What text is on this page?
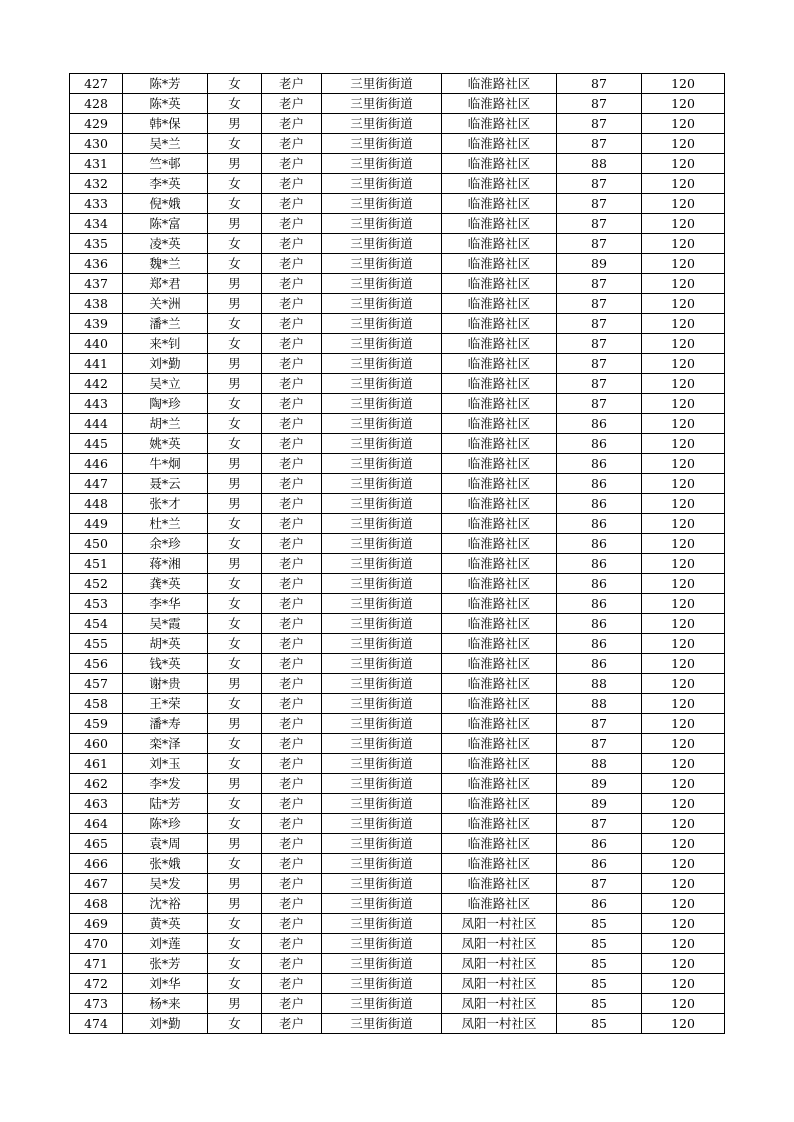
427	陈*芳	女	老户	三里街街道	临淮路社区	87	120
428	陈*英	女	老户	三里街街道	临淮路社区	87	120
429	韩*保	男	老户	三里街街道	临淮路社区	87	120
430	吴*兰	女	老户	三里街街道	临淮路社区	87	120
431	竺*邨	男	老户	三里街街道	临淮路社区	88	120
432	李*英	女	老户	三里街街道	临淮路社区	87	120
433	倪*娥	女	老户	三里街街道	临淮路社区	87	120
434	陈*富	男	老户	三里街街道	临淮路社区	87	120
435	凌*英	女	老户	三里街街道	临淮路社区	87	120
436	魏*兰	女	老户	三里街街道	临淮路社区	89	120
437	郑*君	男	老户	三里街街道	临淮路社区	87	120
438	关*洲	男	老户	三里街街道	临淮路社区	87	120
439	潘*兰	女	老户	三里街街道	临淮路社区	87	120
440	来*钊	女	老户	三里街街道	临淮路社区	87	120
441	刘*勤	男	老户	三里街街道	临淮路社区	87	120
442	吴*立	男	老户	三里街街道	临淮路社区	87	120
443	陶*珍	女	老户	三里街街道	临淮路社区	87	120
444	胡*兰	女	老户	三里街街道	临淮路社区	86	120
445	姚*英	女	老户	三里街街道	临淮路社区	86	120
446	牛*炯	男	老户	三里街街道	临淮路社区	86	120
447	聂*云	男	老户	三里街街道	临淮路社区	86	120
448	张*才	男	老户	三里街街道	临淮路社区	86	120
449	杜*兰	女	老户	三里街街道	临淮路社区	86	120
450	余*珍	女	老户	三里街街道	临淮路社区	86	120
451	蒋*湘	男	老户	三里街街道	临淮路社区	86	120
452	龚*英	女	老户	三里街街道	临淮路社区	86	120
453	李*华	女	老户	三里街街道	临淮路社区	86	120
454	吴*霞	女	老户	三里街街道	临淮路社区	86	120
455	胡*英	女	老户	三里街街道	临淮路社区	86	120
456	钱*英	女	老户	三里街街道	临淮路社区	86	120
457	谢*贵	男	老户	三里街街道	临淮路社区	88	120
458	王*荣	女	老户	三里街街道	临淮路社区	88	120
459	潘*寿	男	老户	三里街街道	临淮路社区	87	120
460	栾*泽	女	老户	三里街街道	临淮路社区	87	120
461	刘*玉	女	老户	三里街街道	临淮路社区	88	120
462	李*发	男	老户	三里街街道	临淮路社区	89	120
463	陆*芳	女	老户	三里街街道	临淮路社区	89	120
464	陈*珍	女	老户	三里街街道	临淮路社区	87	120
465	袁*周	男	老户	三里街街道	临淮路社区	86	120
466	张*娥	女	老户	三里街街道	临淮路社区	86	120
467	吴*发	男	老户	三里街街道	临淮路社区	87	120
468	沈*裕	男	老户	三里街街道	临淮路社区	86	120
469	黄*英	女	老户	三里街街道	凤阳一村社区	85	120
470	刘*莲	女	老户	三里街街道	凤阳一村社区	85	120
471	张*芳	女	老户	三里街街道	凤阳一村社区	85	120
472	刘*华	女	老户	三里街街道	凤阳一村社区	85	120
473	杨*来	男	老户	三里街街道	凤阳一村社区	85	120
474	刘*勤	女	老户	三里街街道	凤阳一村社区	85	120
